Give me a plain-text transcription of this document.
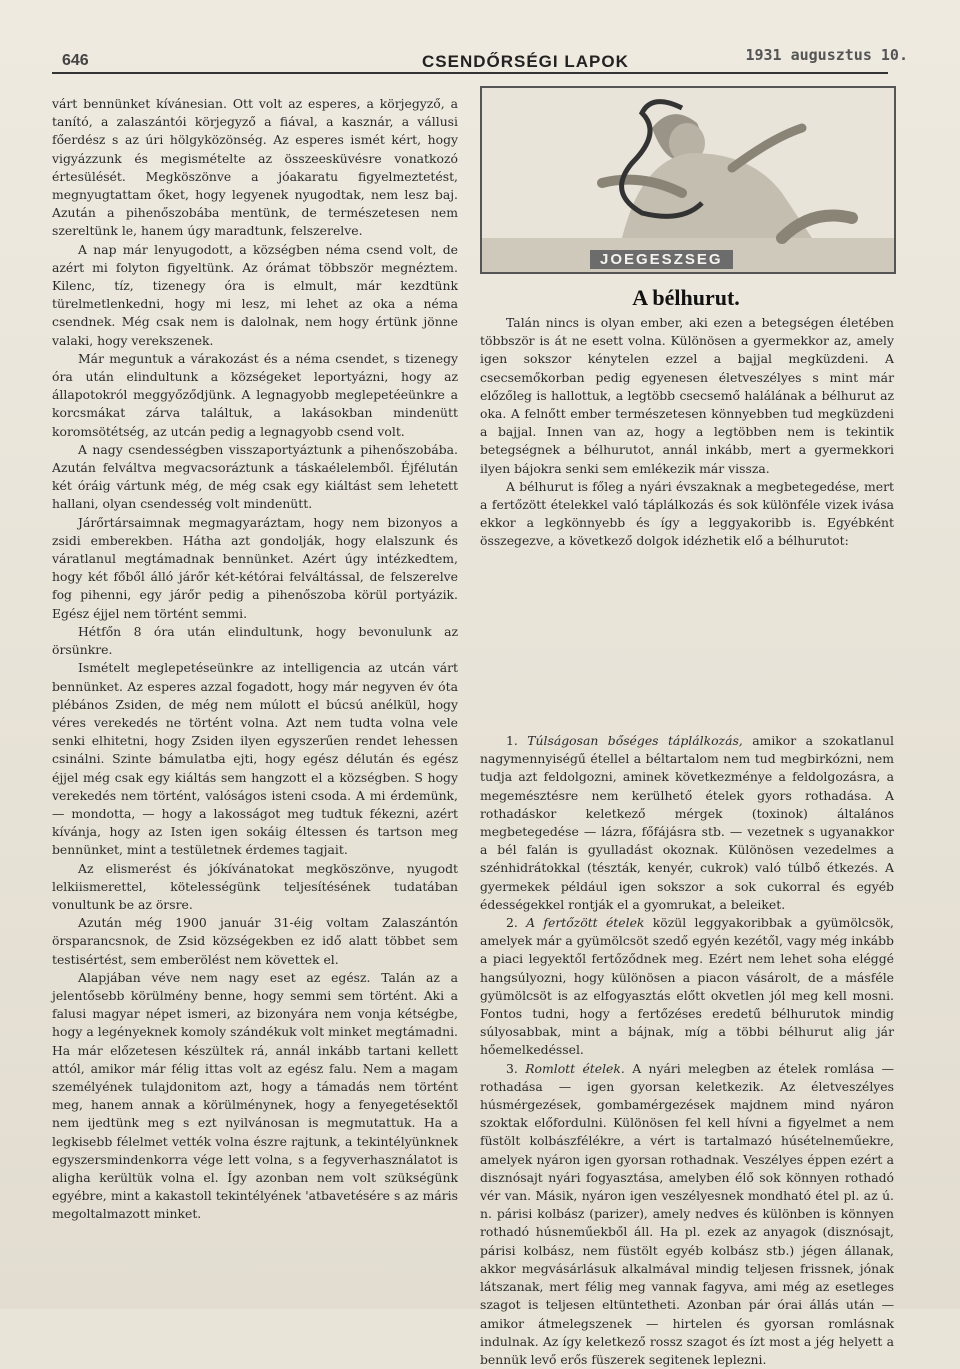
646	CSENDŐRSÉGI LAPOK	1931 augusztus 10.

várt bennünket kívánesian. Ott volt az esperes, a körjegyző, a tanító, a zalaszántói körjegyző a fiával, a kasznár, a vállusi főerdész s az úri hölgyközönség. Az esperes ismét kért, hogy vigyázzunk és megismételte az összeesküvésre vonatkozó értesülését. Megköszönve a jóakaratu figyelmeztetést, megnyugtattam őket, hogy legyenek nyugodtak, nem lesz baj. Azután a pihenőszobába mentünk, de természetesen nem szereltünk le, hanem úgy maradtunk, felszerelve.

A nap már lenyugodott, a községben néma csend volt, de azért mi folyton figyeltünk. Az órámat többször megnéztem. Kilenc, tíz, tizenegy óra is elmult, már kezdtünk türelmetlenkedni, hogy mi lesz, mi lehet az oka a néma csendnek. Még csak nem is dalolnak, nem hogy értünk jönne valaki, hogy verekszenek.

Már meguntuk a várakozást és a néma csendet, s tizenegy óra után elindultunk a községeket leportyázni, hogy az állapotokról meggyőződjünk. A legnagyobb meglepetéeünkre a korcsmákat zárva találtuk, a lakásokban mindenütt koromsötétség, az utcán pedig a legnagyobb csend volt.

A nagy csendességben visszaportyáztunk a pihenőszobába. Azután felváltva megvacsoráztunk a táskaélelemből. Éjfélután két óráig vártunk még, de még csak egy kiáltást sem lehetett hallani, olyan csendesség volt mindenütt.

Járőrtársaimnak megmagyaráztam, hogy nem bizonyos a zsidi emberekben. Hátha azt gondolják, hogy elalszunk és váratlanul megtámadnak bennünket. Azért úgy intézkedtem, hogy két főből álló járőr két-kétórai felváltással, de felszerelve fog pihenni, egy járőr pedig a pihenőszoba körül portyázik. Egész éjjel nem történt semmi.

Hétfőn 8 óra után elindultunk, hogy bevonulunk az örsünkre.

Ismételt meglepetéseünkre az intelligencia az utcán várt bennünket. Az esperes azzal fogadott, hogy már negyven év óta plébános Zsiden, de még nem múlott el búcsú anélkül, hogy véres verekedés ne történt volna. Azt nem tudta volna vele senki elhitetni, hogy Zsiden ilyen egyszerűen rendet lehessen csinálni. Szinte bámulatba ejti, hogy egész délután és egész éjjel még csak egy kiáltás sem hangzott el a községben. S hogy verekedés nem történt, valóságos isteni csoda. A mi érdemünk, — mondotta, — hogy a lakosságot meg tudtuk fékezni, azért kívánja, hogy az Isten igen sokáig éltessen és tartson meg bennünket, mint a testületnek érdemes tagjait.

Az elismerést és jókívánatokat megköszönve, nyugodt lelkiismerettel, kötelességünk teljesítésének tudatában vonultunk be az örsre.

Azután még 1900 január 31-éig voltam Zalaszántón örsparancsnok, de Zsid községekben ez idő alatt többet sem testisértést, sem emberölést nem követtek el.

Alapjában véve nem nagy eset az egész. Talán az a jelentősebb körülmény benne, hogy semmi sem történt. Aki a falusi magyar népet ismeri, az bizonyára nem vonja kétségbe, hogy a legényeknek komoly szándékuk volt minket megtámadni. Ha már előzetesen készültek rá, annál inkább tartani kellett attól, amikor már félig ittas volt az egész falu. Nem a magam személyének tulajdonitom azt, hogy a támadás nem történt meg, hanem annak a körülménynek, hogy a fenyegetésektől nem ijedtünk meg s ezt nyilvánosan is megmutattuk. Ha a legkisebb félelmet vették volna észre rajtunk, a tekintélyünknek egyszersmindenkorra vége lett volna, s a fegyverhasználatot is aligha kerültük volna el. Így azonban nem volt szükségünk egyébre, mint a kakastoll tekintélyének 'atbavetésére s az máris megoltalmazott minket.

JOEGESZSEG
A bélhurut.

Talán nincs is olyan ember, aki ezen a betegségen életében többször is át ne esett volna. Különösen a gyermekkor az, amely igen sokszor kénytelen ezzel a bajjal megküzdeni. A csecsemőkorban pedig egyenesen életveszélyes s mint már előzőleg is hallottuk, a legtöbb csecsemő halálának a bélhurut az oka. A felnőtt ember természetesen könnyebben tud megküzdeni a bajjal. Innen van az, hogy a legtöbben nem is tekintik betegségnek a bélhurutot, annál inkább, mert a gyermekkori ilyen bájokra senki sem emlékezik már vissza.

A bélhurut is főleg a nyári évszaknak a megbetegedése, mert a fertőzött ételekkel való táplálkozás és sok különféle vizek ivása ekkor a legkönnyebb és így a leggyakoribb is. Egyébként összegezve, a következő dolgok idézhetik elő a bélhurutot:

1. Túlságosan bőséges táplálkozás, amikor a szokatlanul nagymennyiségű étellel a béltartalom nem tud megbirkózni, nem tudja azt feldolgozni, aminek következménye a feldolgozásra, a megemésztésre nem kerülhető ételek gyors rothadása. A rothadáskor keletkező mérgek (toxinok) általános megbetegedése — lázra, főfájásra stb. — vezetnek s ugyanakkor a bél falán is gyulladást okoznak. Különösen vezedelmes a szénhidrátokkal (tészták, kenyér, cukrok) való túlbő étkezés. A gyermekek például igen sokszor a sok cukorral és egyéb édességekkel rontják el a gyomrukat, a beleiket.

2. A fertőzött ételek közül leggyakoribbak a gyümölcsök, amelyek már a gyümölcsöt szedő egyén kezétől, vagy még inkább a piaci legyektől fertőződnek meg. Ezért nem lehet soha eléggé hangsúlyozni, hogy különösen a piacon vásárolt, de a másféle gyümölcsöt is az elfogyasztás előtt okvetlen jól meg kell mosni. Fontos tudni, hogy a fertőzéses eredetű bélhurutok mindig súlyosabbak, mint a bájnak, míg a többi bélhurut alig jár hőemelkedéssel.

3. Romlott ételek. A nyári melegben az ételek romlása — rothadása — igen gyorsan keletkezik. Az életveszélyes húsmérgezések, gombamérgezések majdnem mind nyáron szoktak előfordulni. Különösen fel kell hívni a figyelmet a nem füstölt kolbászfélékre, a vért is tartalmazó húsételneműekre, amelyek nyáron igen gyorsan rothadnak. Veszélyes éppen ezért a disznósajt nyári fogyasztása, amelyben élő sok könnyen rothadó vér van. Másik, nyáron igen veszélyesnek mondható étel pl. az ú. n. párisi kolbász (parizer), amely nedves és különben is könnyen rothadó húsneműekből áll. Ha pl. ezek az anyagok (disznósajt, párisi kolbász, nem füstölt egyéb kolbász stb.) jégen állanak, akkor megvásárlásuk alkalmával mindig teljesen frissnek, jónak látszanak, mert félig meg vannak fagyva, ami még az esetleges szagot is teljesen eltüntetheti. Azonban pár órai állás után — amikor átmelegszenek — hirtelen és gyorsan romlásnak indulnak. Az így keletkező rossz szagot és ízt most a jég helyett a bennük levő erős füszerek segitenek leplezni.
